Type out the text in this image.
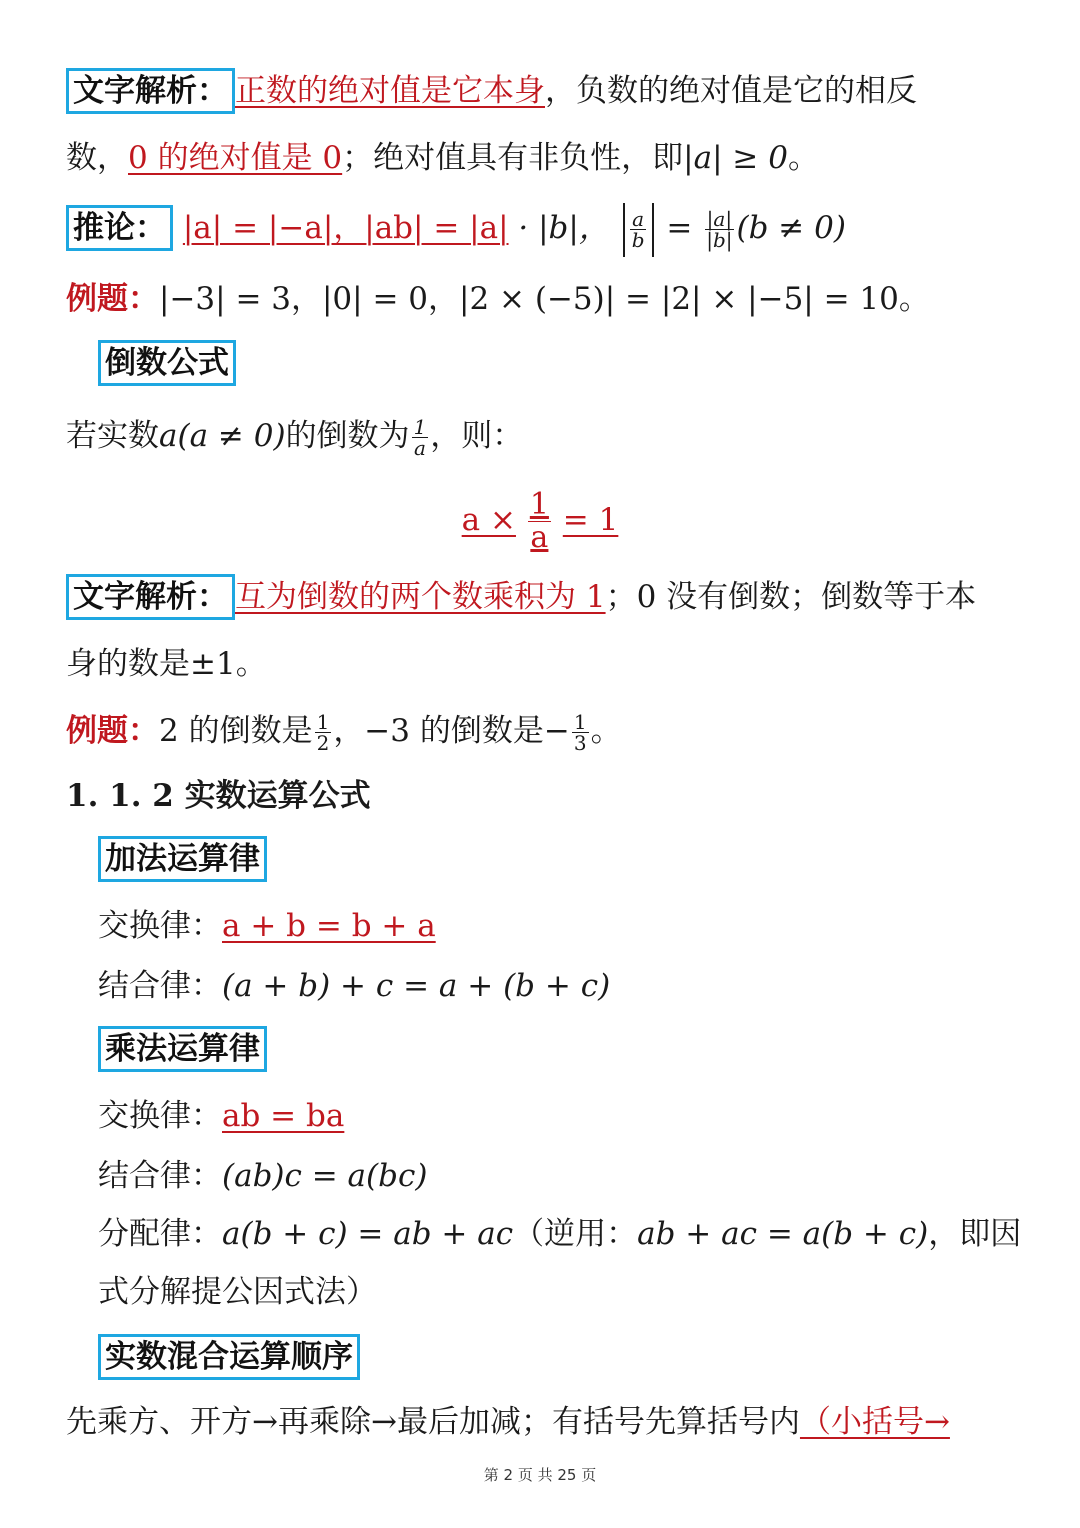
文字解析： 正数的绝对值是它本身，负数的绝对值是它的相反
数，0 的绝对值是 0；绝对值具有非负性，即|a| ≥ 0。
推论： |a| = |−a|，|ab| = |a| · |b|， $\frac{a}{b} = \frac{|a|}{|b|} (b \ne 0)$
例题：|−3| = 3，|0| = 0，|2 × (−5)| = |2| × |−5| = 10。
倒数公式
若实数a(a ≠ 0)的倒数为 $\frac{1}{a}$ ，则：
$a \times \frac{1}{a} = 1$
文字解析： 互为倒数的两个数乘积为 1；0 没有倒数；倒数等于本
身的数是±1。
例题：2 的倒数是 $\frac{1}{2}$ ，−3 的倒数是− $\frac{1}{3}$ 。
1. 1. 2 实数运算公式
加法运算律
交换律：a + b = b + a
结合律：(a + b) + c = a + (b + c)
乘法运算律
交换律：ab = ba
结合律：(ab)c = a(bc)
分配律：a(b + c) = ab + ac（逆用：ab + ac = a(b + c)，即因
式分解提公因式法）
实数混合运算顺序
先乘方、开方→再乘除→最后加减；有括号先算括号内（小括号→
第 2 页 共 25 页
